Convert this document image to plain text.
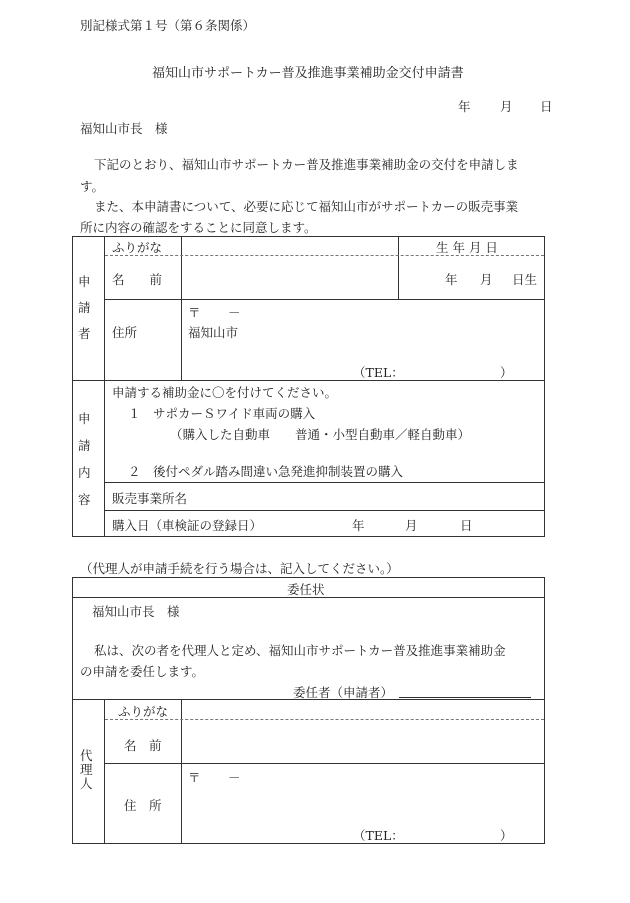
別記様式第１号（第６条関係）
福知山市サポートカー普及推進事業補助金交付申請書
年 月 日
福知山市長　様
下記のとおり、福知山市サポートカー普及推進事業補助金の交付を申請しま
す。
また、本申請書について、必要に応じて福知山市がサポートカーの販売事業
所に内容の確認をすることに同意します。
申
請
者
ふりがな	生 年 月 日
名　　前	年 月 日生
住所
〒 －
福知山市
（TEL：	）
申
請
内
容
申請する補助金に〇を付けてください。
１　サポカーＳワイド車両の購入
（購入した自動車　　普通・小型自動車／軽自動車）
２　後付ペダル踏み間違い急発進抑制装置の購入
販売事業所名
購入日（車検証の登録日）	年	月	日
（代理人が申請手続を行う場合は、記入してください。）
委任状
福知山市長　様
私は、次の者を代理人と定め、福知山市サポートカー普及推進事業補助金
の申請を委任します。
委任者（申請者）
代
理
人
ふりがな
名　前
住　所
〒 －
（TEL：	）
